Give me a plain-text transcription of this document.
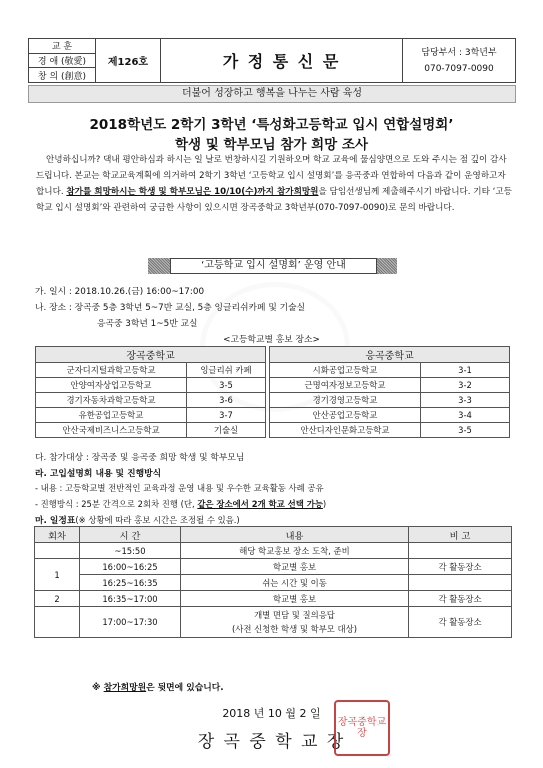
교 훈	제126호	가 정 통 신 문	담당부서 : 3학년부
070-7097-0090

경 애 (敬愛)
창 의 (創意)
더불어 성장하고 행복을 나누는 사람 육성
2018학년도 2학기 3학년 ‘특성화고등학교 입시 연합설명회’
학생 및 학부모님 참가 희망 조사
안녕하십니까? 댁내 평안하심과 하시는 일 날로 번창하시길 기원하오며 학교 교육에 물심양면으로 도와 주시는 점 깊이 감사드립니다. 본교는 학교교육계획에 의거하여 2학기 3학년 ‘고등학교 입시 설명회’를 응곡중과 연합하여 다음과 같이 운영하고자 합니다. 참가를 희망하시는 학생 및 학부모님은 10/10(수)까지 참가희망원을 담임선생님께 제출해주시기 바랍니다. 기타 ‘고등학교 입시 설명회’와 관련하여 궁금한 사항이 있으시면 장곡중학교 3학년부(070-7097-0090)로 문의 바랍니다.
‘고등학교 입시 설명회’ 운영 안내
가. 일시 : 2018.10.26.(금) 16:00~17:00
나. 장소 : 장곡중 5층 3학년 5~7반 교실, 5층 잉글리쉬카페 및 기술실
응곡중 3학년 1~5반 교실
<고등학교별 홍보 장소>
장곡중학교			응곡중학교	
군자디지털과학고등학교	잉글리쉬 카페		시화공업고등학교	3-1
안양여자상업고등학교	3-5		근명여자정보고등학교	3-2
경기자동차과학고등학교	3-6		경기경영고등학교	3-3
유한공업고등학교	3-7		안산공업고등학교	3-4
안산국제비즈니스고등학교	기술실		안산디자인문화고등학교	3-5
다. 참가대상 : 장곡중 및 응곡중 희망 학생 및 학부모님
라. 고입설명회 내용 및 진행방식
- 내용 : 고등학교별 전반적인 교육과정 운영 내용 및 우수한 교육활동 사례 공유
- 진행방식 : 25분 간격으로 2회차 진행 (단, 같은 장소에서 2개 학교 선택 가능)
마. 일정표(※ 상황에 따라 홍보 시간은 조정될 수 있음.)
회차	시 간	내용	비 고
	~15:50	해당 학교홍보 장소 도착, 준비	
1	16:00~16:25	학교별 홍보	각 활동장소
	16:25~16:35	쉬는 시간 및 이동	
2	16:35~17:00	학교별 홍보	각 활동장소
	17:00~17:30	개별 면담 및 질의응답
(사전 신청한 학생 및 학부모 대상)	각 활동장소
※ 참가희망원은 뒷면에 있습니다.
2018 년 10 월 2 일
장 곡 중 학 교 장
장곡중학교장
